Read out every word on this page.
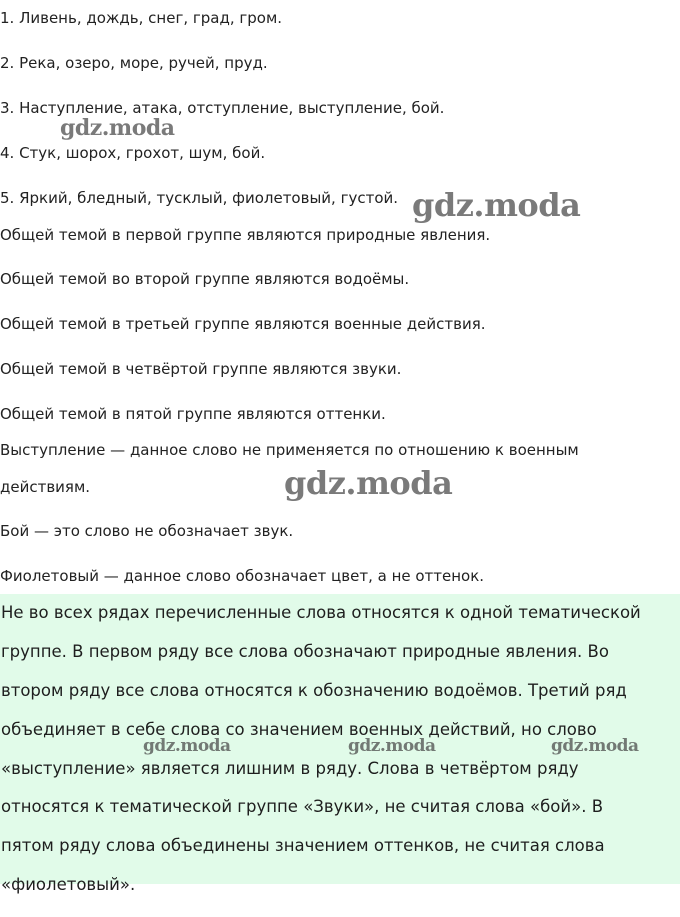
1. Ливень, дождь, снег, град, гром.

2. Река, озеро, море, ручей, пруд.

3. Наступление, атака, отступление, выступление, бой.

4. Стук, шорох, грохот, шум, бой.

5. Яркий, бледный, тусклый, фиолетовый, густой.

Общей темой в первой группе являются природные явления.

Общей темой во второй группе являются водоёмы.

Общей темой в третьей группе являются военные действия.

Общей темой в четвёртой группе являются звуки.

Общей темой в пятой группе являются оттенки.

Выступление — данное слово не применяется по отношению к военным

действиям.

Бой — это слово не обозначает звук.

Фиолетовый — данное слово обозначает цвет, а не оттенок.

Не во всех рядах перечисленные слова относятся к одной тематической

группе. В первом ряду все слова обозначают природные явления. Во

втором ряду все слова относятся к обозначению водоёмов. Третий ряд

объединяет в себе слова со значением военных действий, но слово

«выступление» является лишним в ряду. Слова в четвёртом ряду

относятся к тематической группе «Звуки», не считая слова «бой». В

пятом ряду слова объединены значением оттенков, не считая слова

«фиолетовый».

gdz.moda
gdz.moda
gdz.moda
gdz.moda	gdz.moda	gdz.moda
